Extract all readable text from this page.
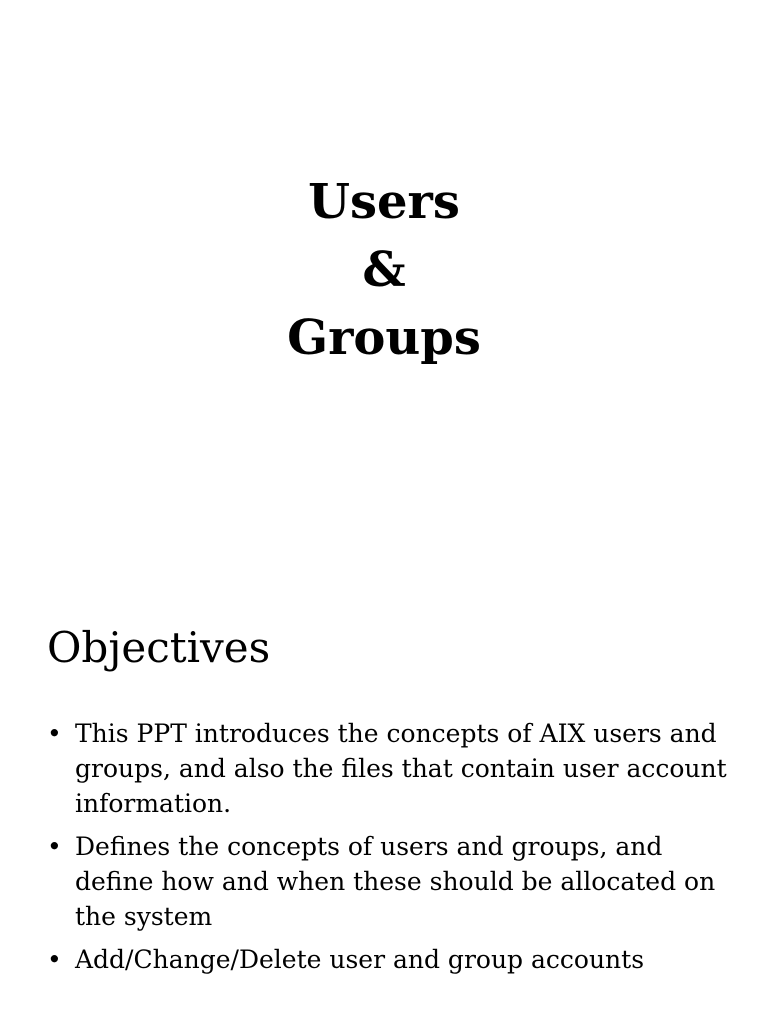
Users
&
Groups
Objectives
• This PPT introduces the concepts of AIX users and groups, and also the files that contain user account information.
• Defines the concepts of users and groups, and define how and when these should be allocated on the system
• Add/Change/Delete user and group accounts
